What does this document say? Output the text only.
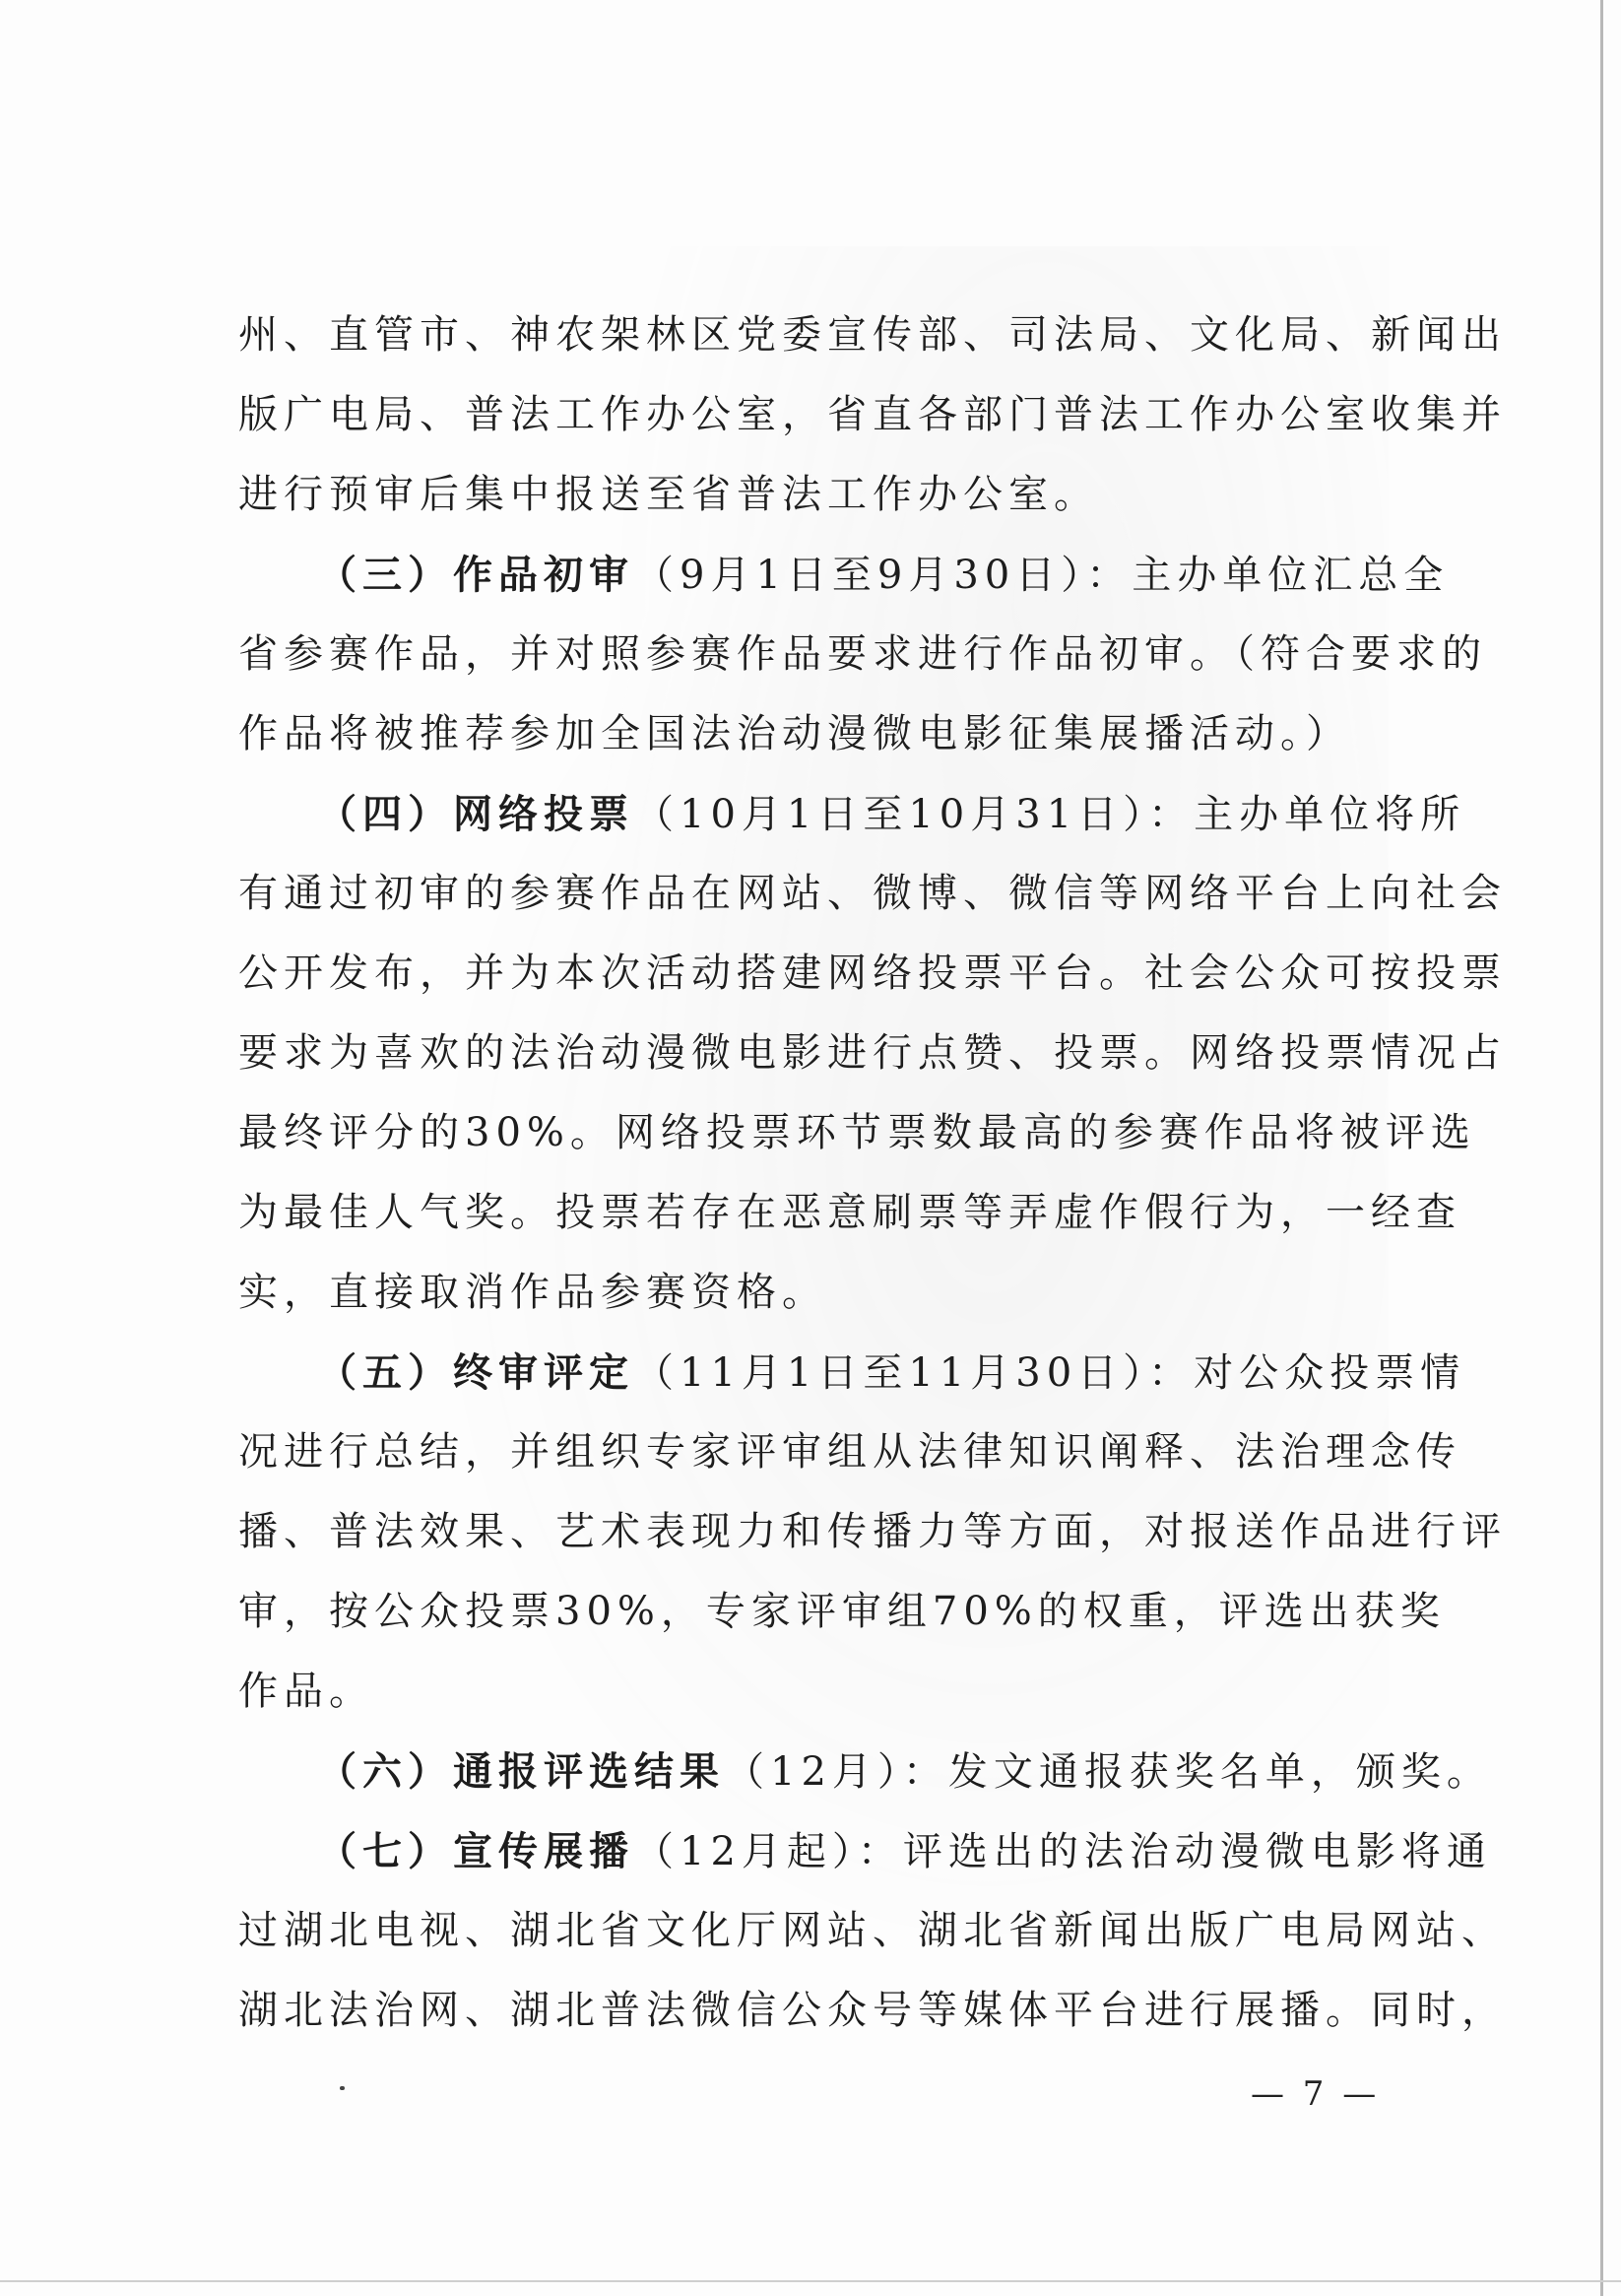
州、直管市、神农架林区党委宣传部、司法局、文化局、新闻出
版广电局、普法工作办公室，省直各部门普法工作办公室收集并
进行预审后集中报送至省普法工作办公室。
（三）作品初审（9月1日至9月30日）：主办单位汇总全
省参赛作品，并对照参赛作品要求进行作品初审。（符合要求的
作品将被推荐参加全国法治动漫微电影征集展播活动。）
（四）网络投票（10月1日至10月31日）：主办单位将所
有通过初审的参赛作品在网站、微博、微信等网络平台上向社会
公开发布，并为本次活动搭建网络投票平台。社会公众可按投票
要求为喜欢的法治动漫微电影进行点赞、投票。网络投票情况占
最终评分的30%。网络投票环节票数最高的参赛作品将被评选
为最佳人气奖。投票若存在恶意刷票等弄虚作假行为，一经查
实，直接取消作品参赛资格。
（五）终审评定（11月1日至11月30日）：对公众投票情
况进行总结，并组织专家评审组从法律知识阐释、法治理念传
播、普法效果、艺术表现力和传播力等方面，对报送作品进行评
审，按公众投票30%，专家评审组70%的权重，评选出获奖
作品。
（六）通报评选结果（12月）：发文通报获奖名单，颁奖。
（七）宣传展播（12月起）：评选出的法治动漫微电影将通
过湖北电视、湖北省文化厅网站、湖北省新闻出版广电局网站、
湖北法治网、湖北普法微信公众号等媒体平台进行展播。同时，
— 7 —
